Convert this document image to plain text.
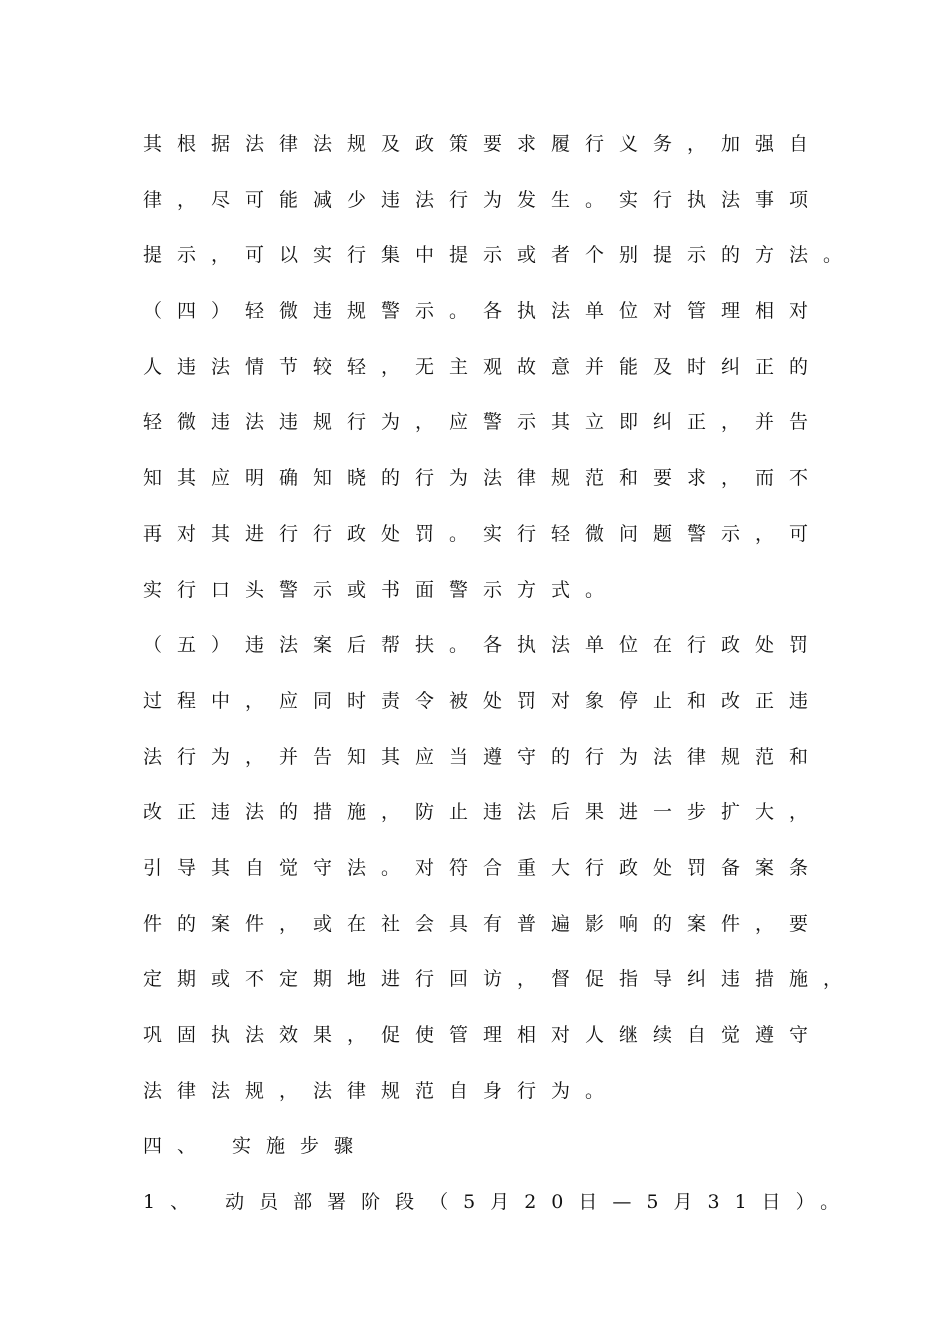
其根据法律法规及政策要求履行义务，加强自
律，尽可能减少违法行为发生。实行执法事项
提示，可以实行集中提示或者个别提示的方法。
（四）轻微违规警示。各执法单位对管理相对
人违法情节较轻，无主观故意并能及时纠正的
轻微违法违规行为，应警示其立即纠正，并告
知其应明确知晓的行为法律规范和要求，而不
再对其进行行政处罚。实行轻微问题警示，可
实行口头警示或书面警示方式。
（五）违法案后帮扶。各执法单位在行政处罚
过程中，应同时责令被处罚对象停止和改正违
法行为，并告知其应当遵守的行为法律规范和
改正违法的措施，防止违法后果进一步扩大，
引导其自觉守法。对符合重大行政处罚备案条
件的案件，或在社会具有普遍影响的案件，要
定期或不定期地进行回访，督促指导纠违措施，
巩固执法效果，促使管理相对人继续自觉遵守
法律法规，法律规范自身行为。
四、 实施步骤
1、 动员部署阶段（5月20日—5月31日）。
